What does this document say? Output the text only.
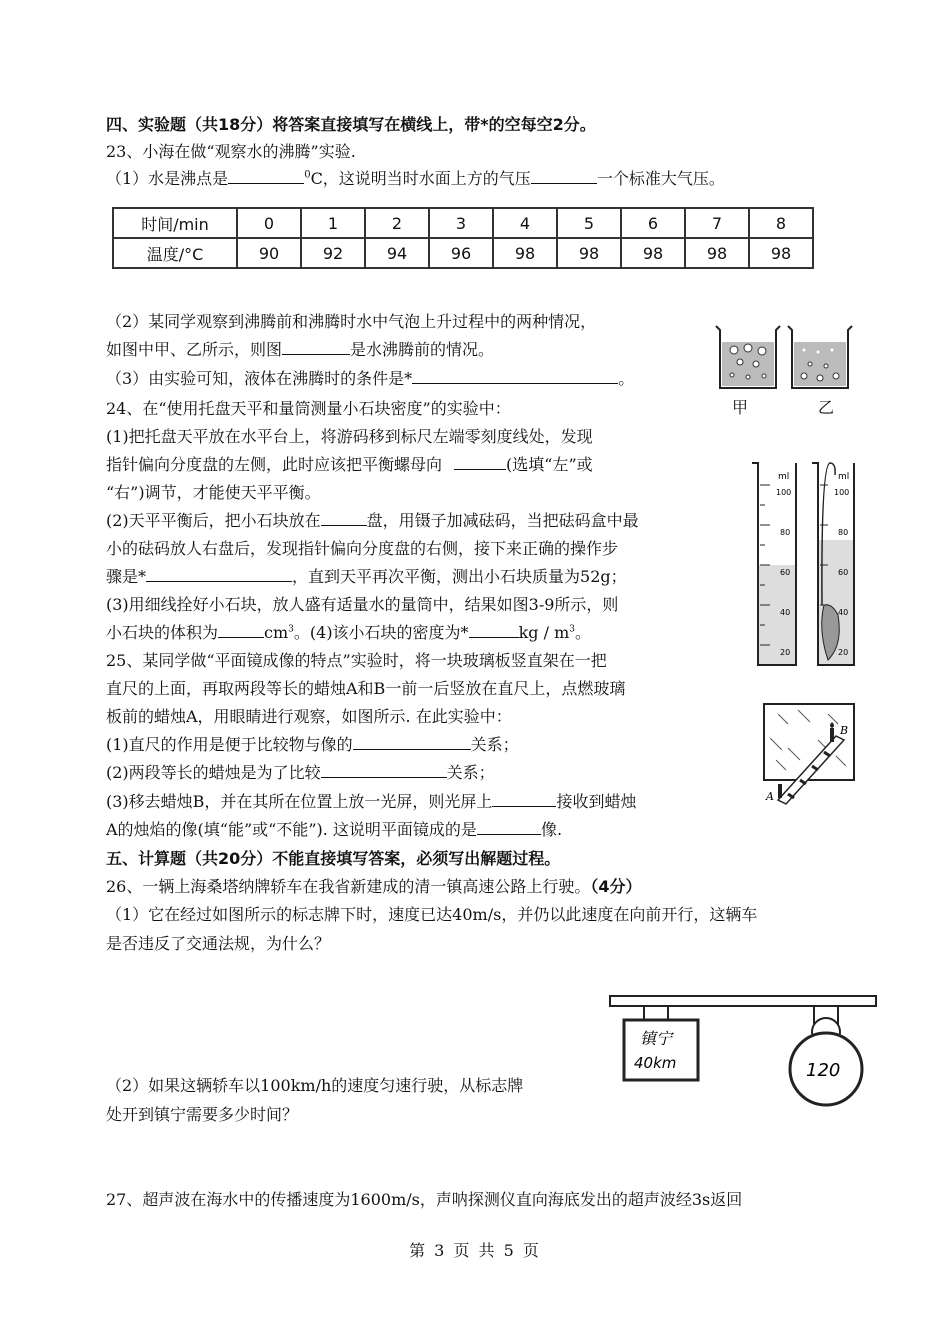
四、实验题（共18分）将答案直接填写在横线上，带*的空每空2分。
23、小海在做“观察水的沸腾”实验.
（1）水是沸点是	$^0$C，这说明当时水面上方的气压	一个标准大气压。
时间/min	0	1	2	3	4	5	6	7	8
温度/°C	90	92	94	96	98	98	98	98	98
（2）某同学观察到沸腾前和沸腾时水中气泡上升过程中的两种情况，
如图中甲、乙所示，则图	是水沸腾前的情况。
（3）由实验可知，液体在沸腾时的条件是*	。
甲	乙
24、在“使用托盘天平和量筒测量小石块密度”的实验中：
(1)把托盘天平放在水平台上，将游码移到标尺左端零刻度线处，发现
指针偏向分度盘的左侧，此时应该把平衡螺母向	(选填“左”或
“右”)调节，才能使天平平衡。
(2)天平平衡后，把小石块放在	盘，用镊子加减砝码，当把砝码盒中最
小的砝码放人右盘后，发现指针偏向分度盘的右侧，接下来正确的操作步
骤是*	，直到天平再次平衡，测出小石块质量为52g；
(3)用细线拴好小石块，放人盛有适量水的量筒中，结果如图3-9所示，则
小石块的体积为	$cm^3$。(4)该小石块的密度为*	kg / $m^3$。
ml
100
80
60
40
20
ml
100
80
60
40
20
25、某同学做“平面镜成像的特点”实验时，将一块玻璃板竖直架在一把
直尺的上面，再取两段等长的蜡烛A和B一前一后竖放在直尺上，点燃玻璃
板前的蜡烛A，用眼睛进行观察，如图所示. 在此实验中：
(1)直尺的作用是便于比较物与像的	关系；
(2)两段等长的蜡烛是为了比较	关系；
(3)移去蜡烛B，并在其所在位置上放一光屏，则光屏上	接收到蜡烛
A的烛焰的像(填“能”或“不能”). 这说明平面镜成的是	像.
A
B
五、计算题（共20分）不能直接填写答案，必须写出解题过程。
26、一辆上海桑塔纳牌轿车在我省新建成的清一镇高速公路上行驶。（4分）
（1）它在经过如图所示的标志牌下时，速度已达40m/s，并仍以此速度在向前开行，这辆车
是否违反了交通法规，为什么？
镇宁
40km	120
（2）如果这辆轿车以100km/h的速度匀速行驶，从标志牌
处开到镇宁需要多少时间？
27、超声波在海水中的传播速度为1600m/s，声呐探测仪直向海底发出的超声波经3s返回
第 3 页 共 5 页
